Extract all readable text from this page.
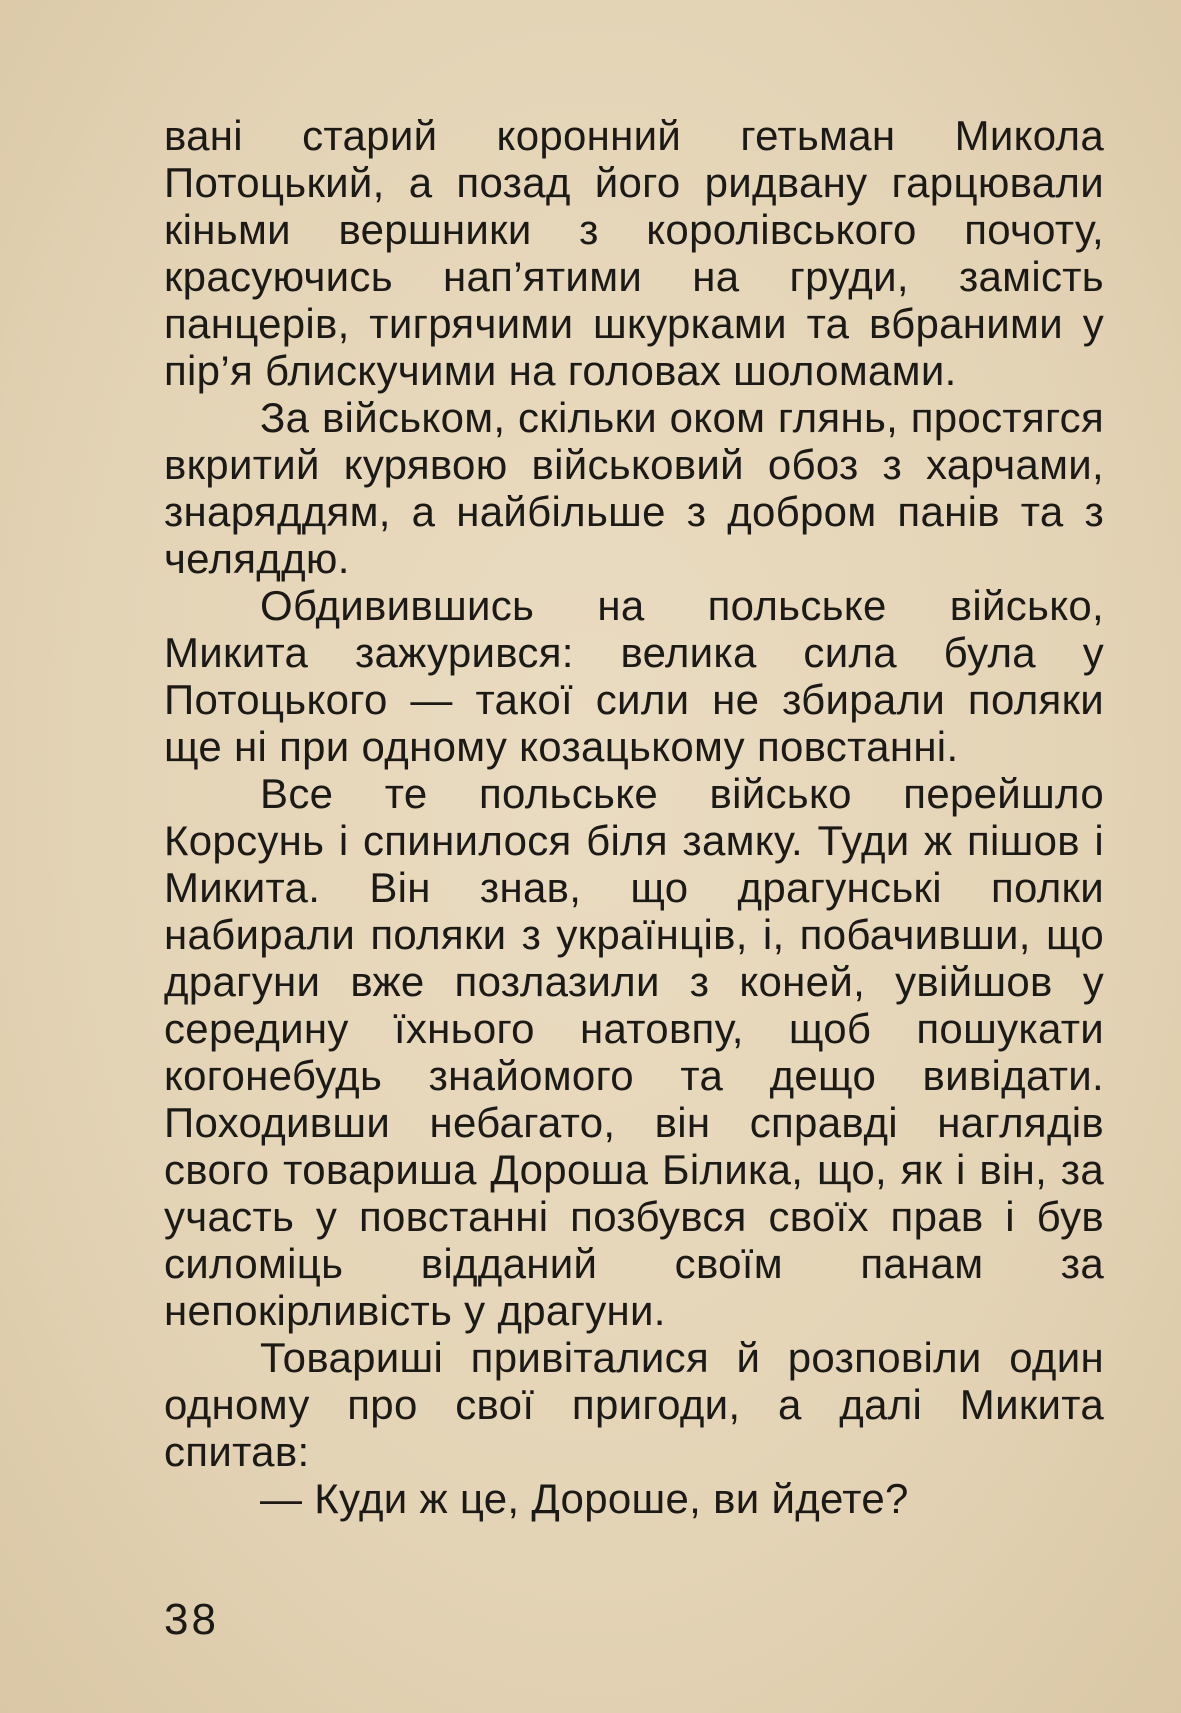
вані старий коронний гетьман Микола Потоцький, а позад його ридвану гарцювали кіньми вершники з королівського почоту, красуючись нап’ятими на груди, замість панцерів, тигрячими шкурками та вбраними у пір’я блискучими на головах шоломами.

За військом, скільки оком глянь, простягся вкритий курявою військовий обоз з харчами, знаряддям, а найбільше з добром панів та з челяддю.

Обдивившись на польське військо, Микита зажурився: велика сила була у Потоцького — такої сили не збирали поляки ще ні при одному козацькому повстанні.

Все те польське військо перейшло Корсунь і спинилося біля замку. Туди ж пішов і Микита. Він знав, що драгунські полки набирали поляки з українців, і, побачивши, що драгуни вже позлазили з коней, увійшов у середину їхнього натовпу, щоб пошукати когонебудь знайомого та дещо вивідати. Походивши небагато, він справді наглядів свого товариша Дороша Білика, що, як і він, за участь у повстанні позбувся своїх прав і був силоміць відданий своїм панам за непокірливість у драгуни.

Товариші привіталися й розповіли один одному про свої пригоди, а далі Микита спитав:

— Куди ж це, Дороше, ви йдете?

38
